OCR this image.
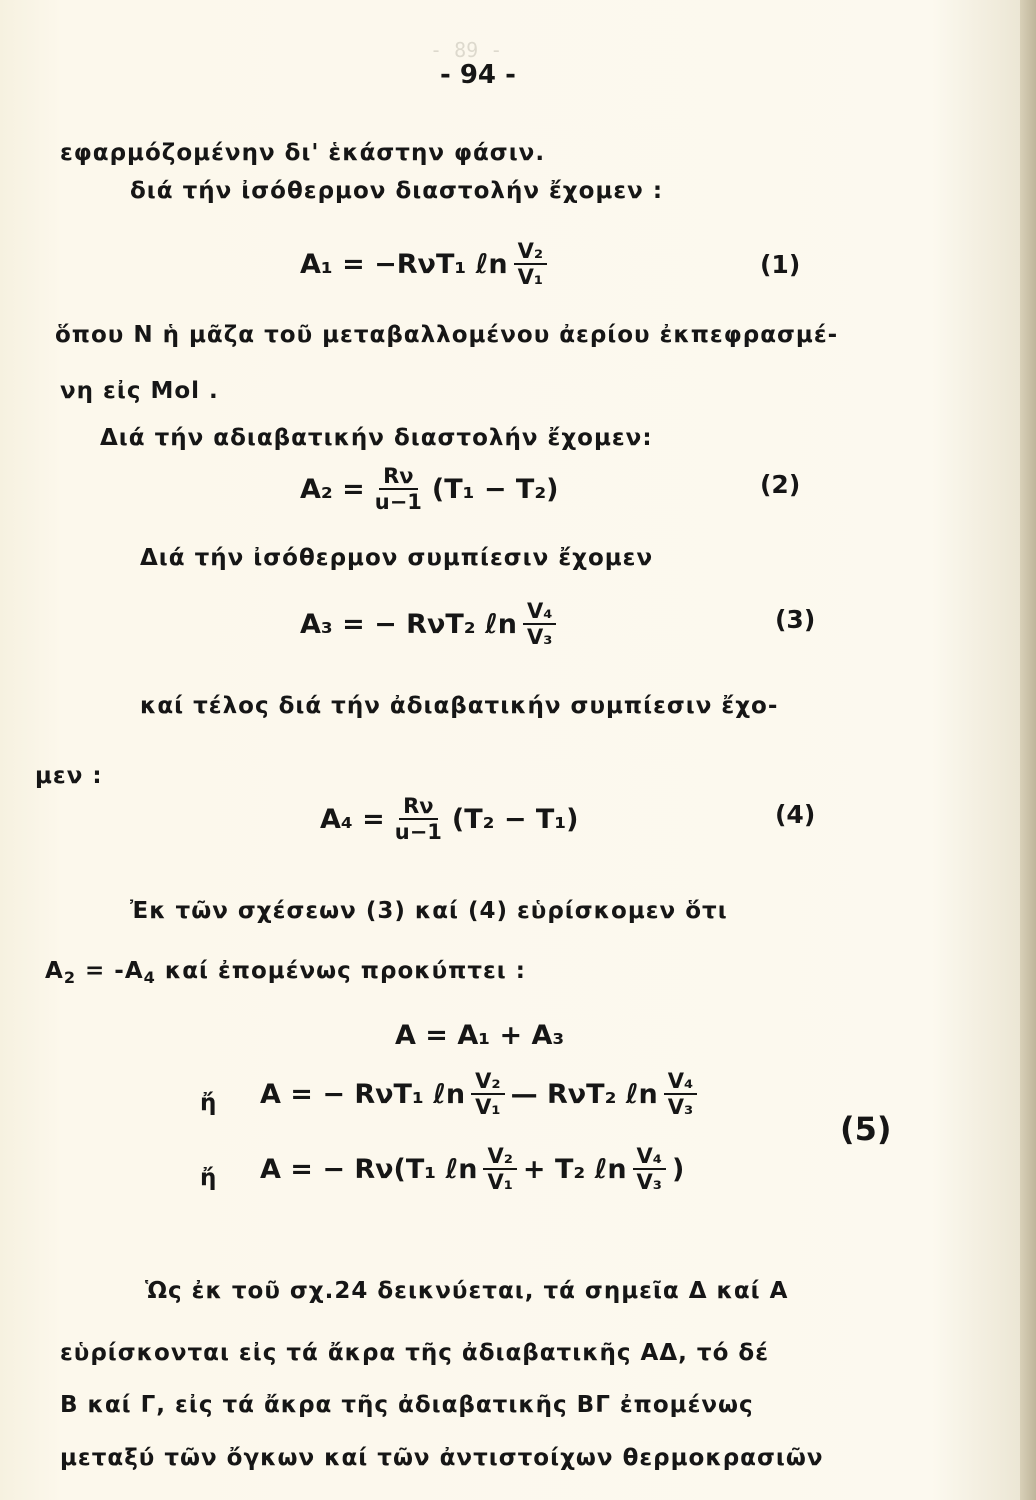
- 89 -
- 94 -
εφαρμόζομένην δι' ἑκάστην φάσιν.
διά τήν ἰσόθερμον διαστολήν ἔχομεν :
A₁ = −RνT₁ ℓn $\frac{\text{V₂}}{\text{V₁}}$	(1)
ὅπου Ν ἡ μᾶζα τοῦ μεταβαλλομένου ἀερίου ἐκπεφρασμέ-
νη εἰς Mol .
Διά τήν αδιαβατικήν διαστολήν ἔχομεν:
$A_2 = \frac{R\nu}{u-1} (T_1 - T_2)$	(2)
Διά τήν ἰσόθερμον συμπίεσιν ἔχομεν
A₃ = − RνT₂ ℓn $\frac{\text{V₄}}{\text{V₃}}$	(3)
καί τέλος διά τήν ἀδιαβατικήν συμπίεσιν ἔχο-
μεν :
$A_4 = \frac{R\nu}{u-1} (T_2 - T_1)$	(4)
Ἐκ τῶν σχέσεων (3) καί (4) εὑρίσκομεν ὅτι
$A_2 = -A_4$ καί ἐπομένως προκύπτει :
A = A₁ + A₃
ἤ A = − RνT₁ ℓn $\frac{\text{V₂}}{\text{V₁}}$ — RνT₂ ℓn $\frac{\text{V₄}}{\text{V₃}}$
(5)
ἤ A = − Rν(T₁ ℓn $\frac{\text{V₂}}{\text{V₁}} + T_2$ ℓn $\frac{\text{V₄}}{\text{V₃}}$ )
Ὡς ἐκ τοῦ σχ.24 δεικνύεται, τά σημεῖα Δ καί Α
εὑρίσκονται εἰς τά ἄκρα τῆς ἀδιαβατικῆς ΑΔ, τό δέ
Β καί Γ, εἰς τά ἄκρα τῆς ἀδιαβατικῆς ΒΓ ἐπομένως
μεταξύ τῶν ὄγκων καί τῶν ἀντιστοίχων θερμοκρασιῶν
